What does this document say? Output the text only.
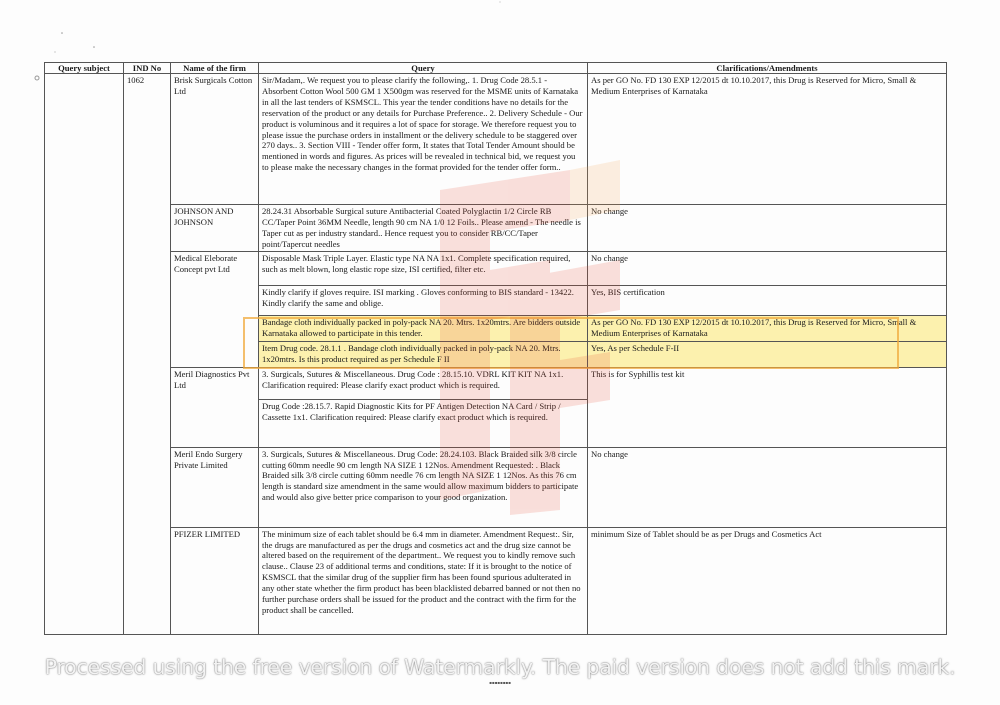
Query subject	IND No	Name of the firm	Query	Clarifications/Amendments
	1062	Brisk Surgicals Cotton Ltd	Sir/Madam,. We request you to please clarify the following,. 1. Drug Code 28.5.1 - Absorbent Cotton Wool 500 GM 1 X500gm was reserved for the MSME units of Karnataka in all the last tenders of KSMSCL. This year the tender conditions have no details for the reservation of the product or any details for Purchase Preference.. 2. Delivery Schedule - Our product is voluminous and it requires a lot of space for storage. We therefore request you to please issue the purchase orders in installment or the delivery schedule to be staggered over 270 days.. 3. Section VIII - Tender offer form, It states that Total Tender Amount should be mentioned in words and figures. As prices will be revealed in technical bid, we request you to please make the necessary changes in the format provided for the tender offer form..	As per GO No. FD 130 EXP 12/2015 dt 10.10.2017, this Drug is Reserved for Micro, Small & Medium Enterprises of Karnataka
		JOHNSON AND JOHNSON	28.24.31 Absorbable Surgical suture Antibacterial Coated Polyglactin 1/2 Circle RB CC/Taper Point 36MM Needle, length 90 cm NA 1/0 12 Foils.. Please amend - The needle is Taper cut as per industry standard.. Hence request you to consider RB/CC/Taper point/Tapercut needles	No change
		Medical Eleborate Concept pvt Ltd	Disposable Mask Triple Layer. Elastic type NA NA 1x1. Complete specification required, such as melt blown, long elastic rope size, ISI certified, filter etc.	No change
			Kindly clarify if gloves require. ISI marking . Gloves conforming to BIS standard - 13422. Kindly clarify the same and oblige.	Yes, BIS certification
			Bandage cloth individually packed in poly-pack NA 20. Mtrs. 1x20mtrs. Are bidders outside Karnataka allowed to participate in this tender.	As per GO No. FD 130 EXP 12/2015 dt 10.10.2017, this Drug is Reserved for Micro, Small & Medium Enterprises of Karnataka
			Item Drug code. 28.1.1 . Bandage cloth individually packed in poly-pack NA 20. Mtrs. 1x20mtrs. Is this product required as per Schedule F II	Yes, As per Schedule F-II
		Meril Diagnostics Pvt Ltd	3. Surgicals, Sutures & Miscellaneous. Drug Code : 28.15.10. VDRL KIT KIT NA 1x1. Clarification required: Please clarify exact product which is required.	This is for Syphillis test kit
			Drug Code :28.15.7. Rapid Diagnostic Kits for PF Antigen Detection NA Card / Strip / Cassette 1x1. Clarification required: Please clarify exact product which is required.	
		Meril Endo Surgery Private Limited	3. Surgicals, Sutures & Miscellaneous. Drug Code: 28.24.103. Black Braided silk 3/8 circle cutting 60mm needle 90 cm length NA SIZE 1 12Nos. Amendment Requested: . Black Braided silk 3/8 circle cutting 60mm needle 76 cm length NA SIZE 1 12Nos. As this 76 cm length is standard size amendment in the same would allow maximum bidders to participate and would also give better price comparison to your good organization.	No change
		PFIZER LIMITED	The minimum size of each tablet should be 6.4 mm in diameter. Amendment Request:. Sir, the drugs are manufactured as per the drugs and cosmetics act and the drug size cannot be altered based on the requirement of the department.. We request you to kindly remove such clause.. Clause 23 of additional terms and conditions, state: If it is brought to the notice of KSMSCL that the similar drug of the supplier firm has been found spurious adulterated in any other state whether the firm product has been blacklisted debarred banned or not then no further purchase orders shall be issued for the product and the contract with the firm for the product shall be cancelled.	minimum Size of Tablet should be as per Drugs and Cosmetics Act
Processed using the free version of Watermarkly. The paid version does not add this mark.
▪▪▪▪▪▪▪▪
